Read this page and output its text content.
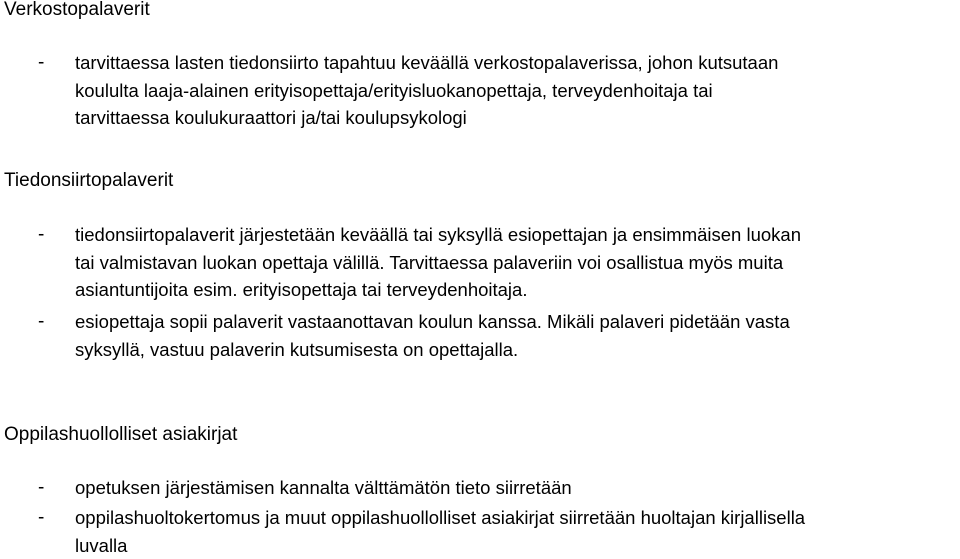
Verkostopalaverit
- tarvittaessa lasten tiedonsiirto tapahtuu keväällä verkostopalaverissa, johon kutsutaan
koululta laaja-alainen erityisopettaja/erityisluokanopettaja, terveydenhoitaja tai
tarvittaessa koulukuraattori ja/tai koulupsykologi

Tiedonsiirtopalaverit
- tiedonsiirtopalaverit järjestetään keväällä tai syksyllä esiopettajan ja ensimmäisen luokan
tai valmistavan luokan opettaja välillä. Tarvittaessa palaveriin voi osallistua myös muita
asiantuntijoita esim. erityisopettaja tai terveydenhoitaja.

- esiopettaja sopii palaverit vastaanottavan koulun kanssa. Mikäli palaveri pidetään vasta
syksyllä, vastuu palaverin kutsumisesta on opettajalla.

Oppilashuollolliset asiakirjat
- opetuksen järjestämisen kannalta välttämätön tieto siirretään

- oppilashuoltokertomus ja muut oppilashuollolliset asiakirjat siirretään huoltajan kirjallisella
luvalla
